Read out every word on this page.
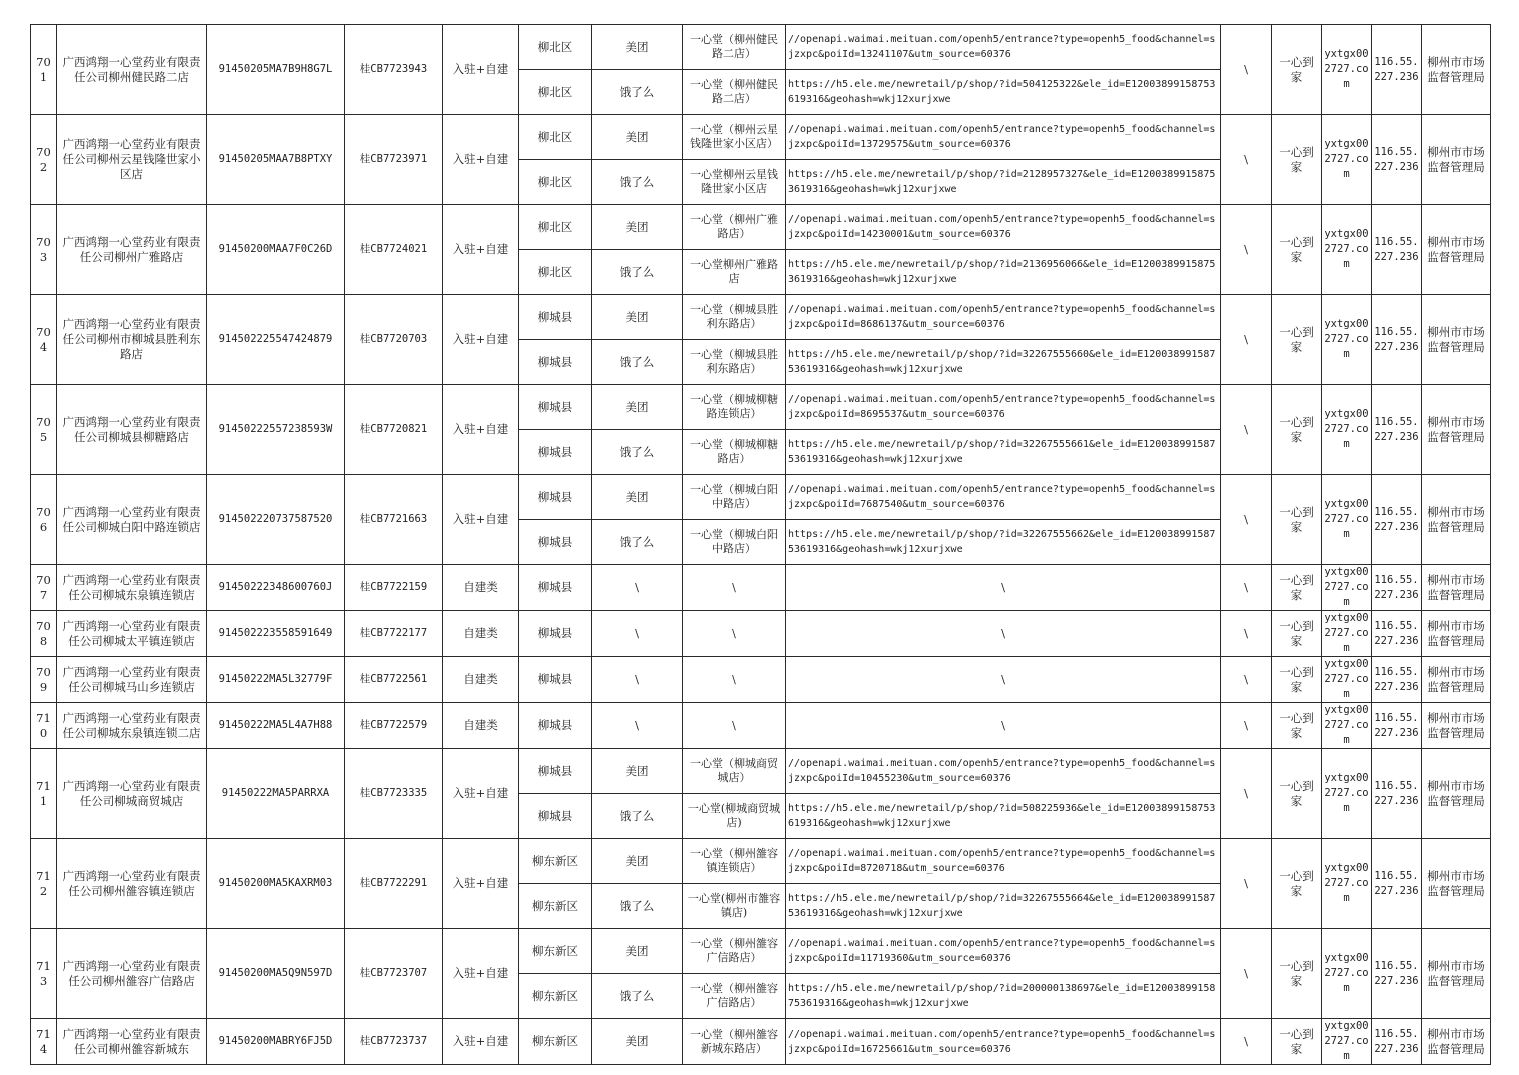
701	广西鸿翔一心堂药业有限责任公司柳州健民路二店	91450205MA7B9H8G7L	桂CB7723943	入驻+自建	柳北区	美团	一心堂（柳州健民路二店）	//openapi.waimai.meituan.com/openh5/entrance?type=openh5_food&channel=sjzxpc&poiId=13241107&utm_source=60376	\	一心到家	yxtgx002727.com	116.55.227.236	柳州市市场监督管理局
					柳北区	饿了么	一心堂（柳州健民路二店）	https://h5.ele.me/newretail/p/shop/?id=504125322&ele_id=E12003899158753619316&geohash=wkj12xurjxwe					
702	广西鸿翔一心堂药业有限责任公司柳州云星钱隆世家小区店	91450205MAA7B8PTXY	桂CB7723971	入驻+自建	柳北区	美团	一心堂（柳州云星钱隆世家小区店）	//openapi.waimai.meituan.com/openh5/entrance?type=openh5_food&channel=sjzxpc&poiId=13729575&utm_source=60376	\	一心到家	yxtgx002727.com	116.55.227.236	柳州市市场监督管理局
					柳北区	饿了么	一心堂柳州云星钱隆世家小区店	https://h5.ele.me/newretail/p/shop/?id=2128957327&ele_id=E12003899158753619316&geohash=wkj12xurjxwe					
703	广西鸿翔一心堂药业有限责任公司柳州广雅路店	91450200MAA7F0C26D	桂CB7724021	入驻+自建	柳北区	美团	一心堂（柳州广雅路店）	//openapi.waimai.meituan.com/openh5/entrance?type=openh5_food&channel=sjzxpc&poiId=14230001&utm_source=60376	\	一心到家	yxtgx002727.com	116.55.227.236	柳州市市场监督管理局
					柳北区	饿了么	一心堂柳州广雅路店	https://h5.ele.me/newretail/p/shop/?id=2136956066&ele_id=E12003899158753619316&geohash=wkj12xurjxwe					
704	广西鸿翔一心堂药业有限责任公司柳州市柳城县胜利东路店	914502225547424879	桂CB7720703	入驻+自建	柳城县	美团	一心堂（柳城县胜利东路店）	//openapi.waimai.meituan.com/openh5/entrance?type=openh5_food&channel=sjzxpc&poiId=8686137&utm_source=60376	\	一心到家	yxtgx002727.com	116.55.227.236	柳州市市场监督管理局
					柳城县	饿了么	一心堂（柳城县胜利东路店）	https://h5.ele.me/newretail/p/shop/?id=32267555660&ele_id=E12003899158753619316&geohash=wkj12xurjxwe					
705	广西鸿翔一心堂药业有限责任公司柳城县柳糖路店	91450222557238593W	桂CB7720821	入驻+自建	柳城县	美团	一心堂（柳城柳糖路连锁店）	//openapi.waimai.meituan.com/openh5/entrance?type=openh5_food&channel=sjzxpc&poiId=8695537&utm_source=60376	\	一心到家	yxtgx002727.com	116.55.227.236	柳州市市场监督管理局
					柳城县	饿了么	一心堂（柳城柳糖路店）	https://h5.ele.me/newretail/p/shop/?id=32267555661&ele_id=E12003899158753619316&geohash=wkj12xurjxwe					
706	广西鸿翔一心堂药业有限责任公司柳城白阳中路连锁店	914502220737587520	桂CB7721663	入驻+自建	柳城县	美团	一心堂（柳城白阳中路店）	//openapi.waimai.meituan.com/openh5/entrance?type=openh5_food&channel=sjzxpc&poiId=7687540&utm_source=60376	\	一心到家	yxtgx002727.com	116.55.227.236	柳州市市场监督管理局
					柳城县	饿了么	一心堂（柳城白阳中路店）	https://h5.ele.me/newretail/p/shop/?id=32267555662&ele_id=E12003899158753619316&geohash=wkj12xurjxwe					
707	广西鸿翔一心堂药业有限责任公司柳城东泉镇连锁店	91450222348600760J	桂CB7722159	自建类	柳城县	\	\	\	\	一心到家	yxtgx002727.com	116.55.227.236	柳州市市场监督管理局
708	广西鸿翔一心堂药业有限责任公司柳城太平镇连锁店	914502223558591649	桂CB7722177	自建类	柳城县	\	\	\	\	一心到家	yxtgx002727.com	116.55.227.236	柳州市市场监督管理局
709	广西鸿翔一心堂药业有限责任公司柳城马山乡连锁店	91450222MA5L32779F	桂CB7722561	自建类	柳城县	\	\	\	\	一心到家	yxtgx002727.com	116.55.227.236	柳州市市场监督管理局
710	广西鸿翔一心堂药业有限责任公司柳城东泉镇连锁二店	91450222MA5L4A7H88	桂CB7722579	自建类	柳城县	\	\	\	\	一心到家	yxtgx002727.com	116.55.227.236	柳州市市场监督管理局
711	广西鸿翔一心堂药业有限责任公司柳城商贸城店	91450222MA5PARRXA	桂CB7723335	入驻+自建	柳城县	美团	一心堂（柳城商贸城店）	//openapi.waimai.meituan.com/openh5/entrance?type=openh5_food&channel=sjzxpc&poiId=10455230&utm_source=60376	\	一心到家	yxtgx002727.com	116.55.227.236	柳州市市场监督管理局
					柳城县	饿了么	一心堂(柳城商贸城店)	https://h5.ele.me/newretail/p/shop/?id=508225936&ele_id=E12003899158753619316&geohash=wkj12xurjxwe					
712	广西鸿翔一心堂药业有限责任公司柳州雒容镇连锁店	91450200MA5KAXRM03	桂CB7722291	入驻+自建	柳东新区	美团	一心堂（柳州雒容镇连锁店）	//openapi.waimai.meituan.com/openh5/entrance?type=openh5_food&channel=sjzxpc&poiId=8720718&utm_source=60376	\	一心到家	yxtgx002727.com	116.55.227.236	柳州市市场监督管理局
					柳东新区	饿了么	一心堂(柳州市雒容镇店)	https://h5.ele.me/newretail/p/shop/?id=32267555664&ele_id=E12003899158753619316&geohash=wkj12xurjxwe					
713	广西鸿翔一心堂药业有限责任公司柳州雒容广信路店	91450200MA5Q9N597D	桂CB7723707	入驻+自建	柳东新区	美团	一心堂（柳州雒容广信路店）	//openapi.waimai.meituan.com/openh5/entrance?type=openh5_food&channel=sjzxpc&poiId=11719360&utm_source=60376	\	一心到家	yxtgx002727.com	116.55.227.236	柳州市市场监督管理局
					柳东新区	饿了么	一心堂（柳州雒容广信路店）	https://h5.ele.me/newretail/p/shop/?id=200000138697&ele_id=E12003899158753619316&geohash=wkj12xurjxwe					
714	广西鸿翔一心堂药业有限责任公司柳州雒容新城东	91450200MABRY6FJ5D	桂CB7723737	入驻+自建	柳东新区	美团	一心堂（柳州雒容新城东路店）	//openapi.waimai.meituan.com/openh5/entrance?type=openh5_food&channel=sjzxpc&poiId=16725661&utm_source=60376	\	一心到家	yxtgx002727.com	116.55.227.236	柳州市市场监督管理局
